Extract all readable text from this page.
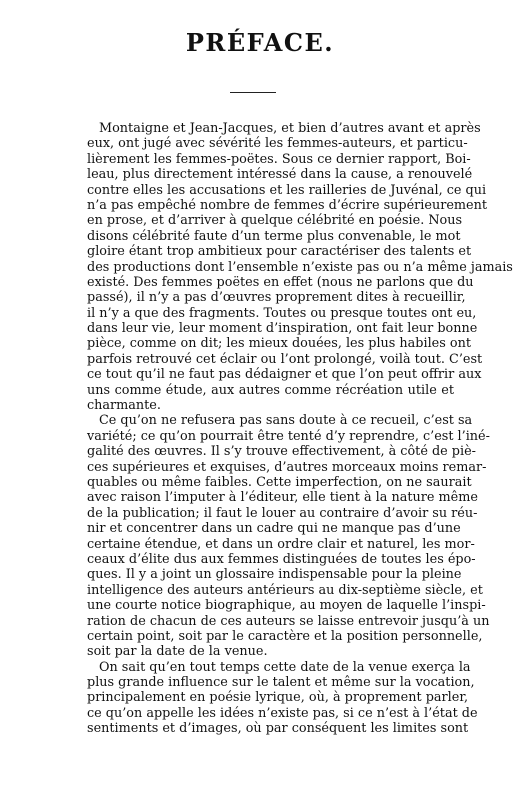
PRÉFACE.
Montaigne et Jean-Jacques, et bien d’autres avant et après
eux, ont jugé avec sévérité les femmes-auteurs, et particu-
lièrement les femmes-poëtes. Sous ce dernier rapport, Boi-
leau, plus directement intéressé dans la cause, a renouvelé
contre elles les accusations et les railleries de Juvénal, ce qui
n’a pas empêché nombre de femmes d’écrire supérieurement
en prose, et d’arriver à quelque célébrité en poésie. Nous
disons célébrité faute d’un terme plus convenable, le mot
gloire étant trop ambitieux pour caractériser des talents et
des productions dont l’ensemble n’existe pas ou n’a même jamais
existé. Des femmes poëtes en effet (nous ne parlons que du
passé), il n’y a pas d’œuvres proprement dites à recueillir,
il n’y a que des fragments. Toutes ou presque toutes ont eu,
dans leur vie, leur moment d’inspiration, ont fait leur bonne
pièce, comme on dit; les mieux douées, les plus habiles ont
parfois retrouvé cet éclair ou l’ont prolongé, voilà tout. C’est
ce tout qu’il ne faut pas dédaigner et que l’on peut offrir aux
uns comme étude, aux autres comme récréation utile et
charmante.
Ce qu’on ne refusera pas sans doute à ce recueil, c’est sa
variété; ce qu’on pourrait être tenté d’y reprendre, c’est l’iné-
galité des œuvres. Il s’y trouve effectivement, à côté de piè-
ces supérieures et exquises, d’autres morceaux moins remar-
quables ou même faibles. Cette imperfection, on ne saurait
avec raison l’imputer à l’éditeur, elle tient à la nature même
de la publication; il faut le louer au contraire d’avoir su réu-
nir et concentrer dans un cadre qui ne manque pas d’une
certaine étendue, et dans un ordre clair et naturel, les mor-
ceaux d’élite dus aux femmes distinguées de toutes les épo-
ques. Il y a joint un glossaire indispensable pour la pleine
intelligence des auteurs antérieurs au dix-septième siècle, et
une courte notice biographique, au moyen de laquelle l’inspi-
ration de chacun de ces auteurs se laisse entrevoir jusqu’à un
certain point, soit par le caractère et la position personnelle,
soit par la date de la venue.
On sait qu’en tout temps cette date de la venue exerça la
plus grande influence sur le talent et même sur la vocation,
principalement en poésie lyrique, où, à proprement parler,
ce qu’on appelle les idées n’existe pas, si ce n’est à l’état de
sentiments et d’images, où par conséquent les limites sont
